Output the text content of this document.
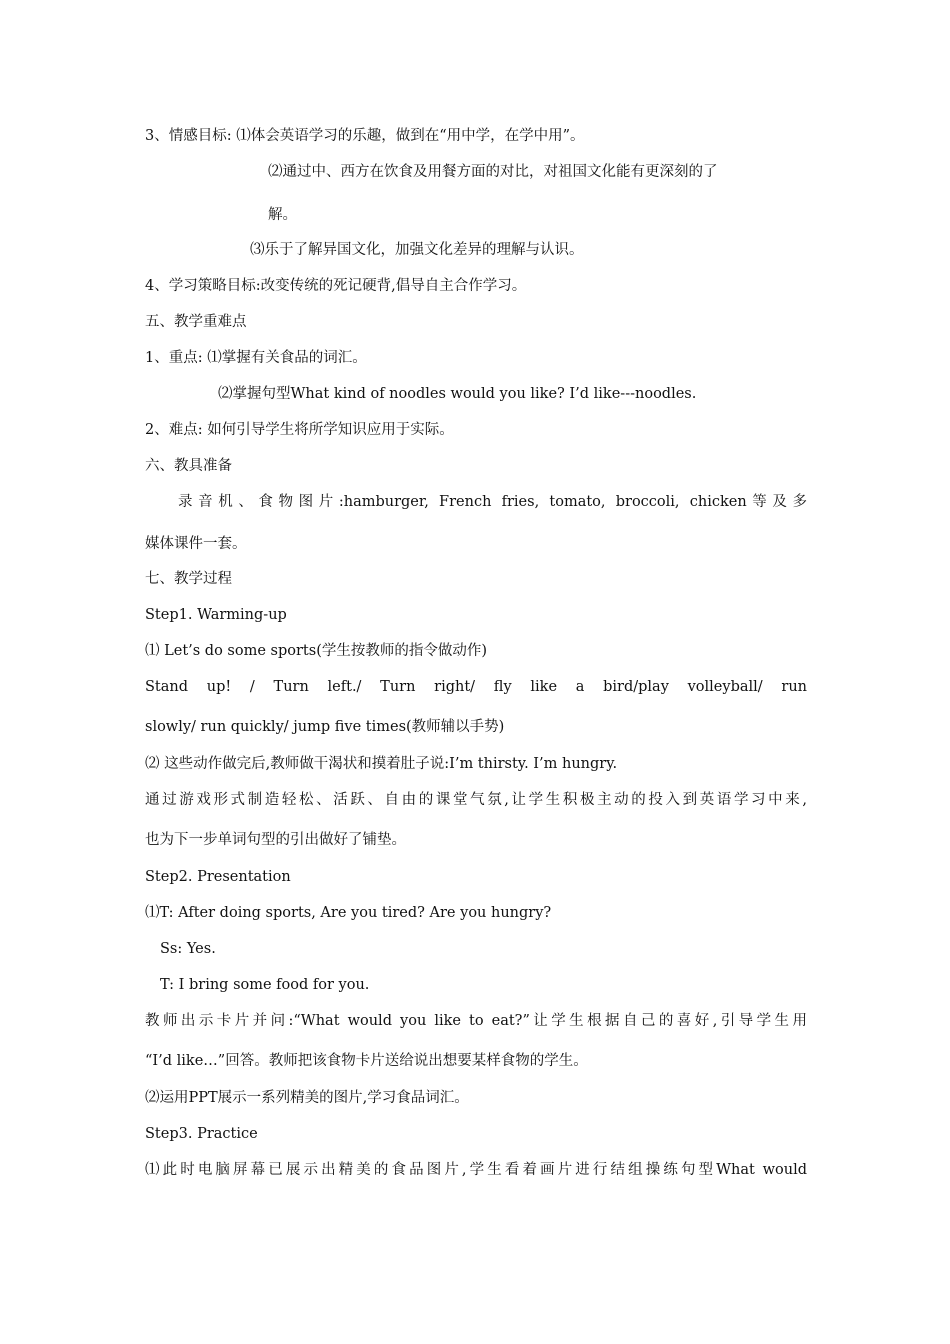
3、情感目标: ⑴体会英语学习的乐趣，做到在“用中学，在学中用”。
⑵通过中、西方在饮食及用餐方面的对比，对祖国文化能有更深刻的了
解。
⑶乐于了解异国文化，加强文化差异的理解与认识。
4、学习策略目标:改变传统的死记硬背,倡导自主合作学习。
五、教学重难点
1、重点: ⑴掌握有关食品的词汇。
⑵掌握句型What kind of noodles would you like? I’d like---noodles.
2、难点: 如何引导学生将所学知识应用于实际。
六、教具准备
录音机、食物图片:hamburger, French fries, tomato, broccoli, chicken等及多
媒体课件一套。
七、教学过程
Step1. Warming-up
⑴ Let’s do some sports(学生按教师的指令做动作)
Stand up! / Turn left./ Turn right/ fly like a bird/play volleyball/ run
slowly/ run quickly/ jump five times(教师辅以手势)
⑵ 这些动作做完后,教师做干渴状和摸着肚子说:I’m thirsty. I’m hungry.
通过游戏形式制造轻松、活跃、自由的课堂气氛,让学生积极主动的投入到英语学习中来,
也为下一步单词句型的引出做好了铺垫。
Step2. Presentation
⑴T: After doing sports, Are you tired? Are you hungry?
Ss: Yes.
T: I bring some food for you.
教师出示卡片并问:“What would you like to eat?”让学生根据自己的喜好,引导学生用
“I’d like…”回答。教师把该食物卡片送给说出想要某样食物的学生。
⑵运用PPT展示一系列精美的图片,学习食品词汇。
Step3. Practice
⑴此时电脑屏幕已展示出精美的食品图片,学生看着画片进行结组操练句型What would
